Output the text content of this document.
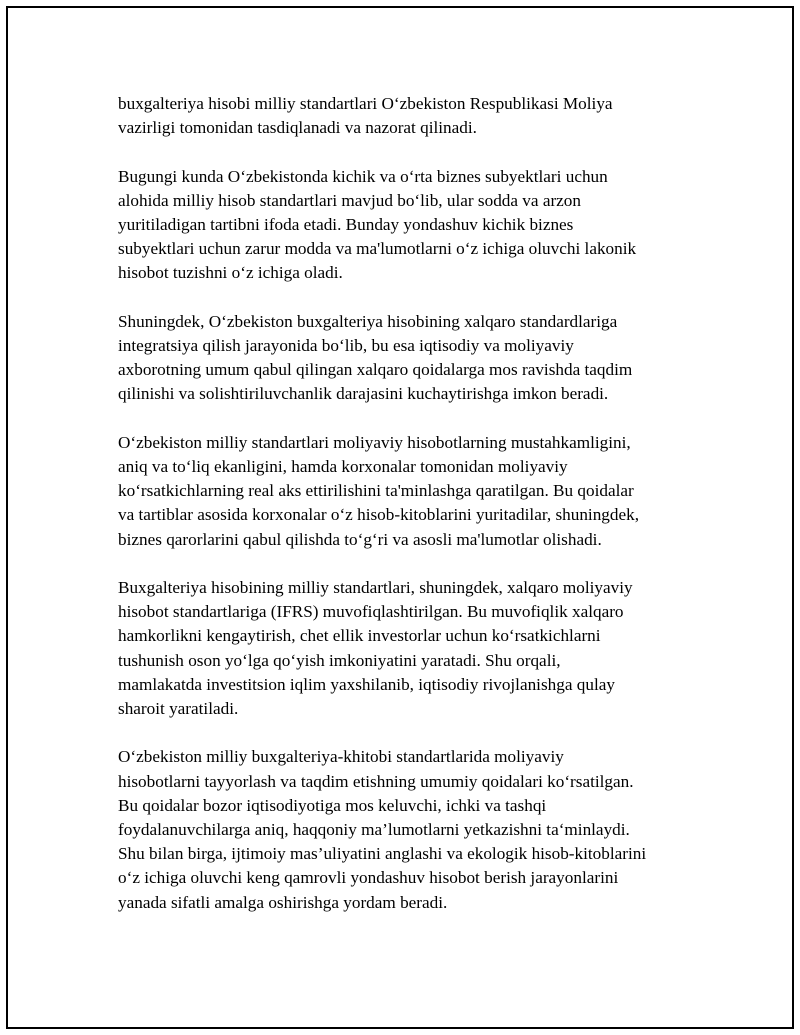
buxgalteriya hisobi milliy standartlari O‘zbekiston Respublikasi Moliya
vazirligi tomonidan tasdiqlanadi va nazorat qilinadi.

Bugungi kunda O‘zbekistonda kichik va o‘rta biznes subyektlari uchun
alohida milliy hisob standartlari mavjud bo‘lib, ular sodda va arzon
yuritiladigan tartibni ifoda etadi. Bunday yondashuv kichik biznes
subyektlari uchun zarur modda va ma'lumotlarni o‘z ichiga oluvchi lakonik
hisobot tuzishni o‘z ichiga oladi.

Shuningdek, O‘zbekiston buxgalteriya hisobining xalqaro standardlariga
integratsiya qilish jarayonida bo‘lib, bu esa iqtisodiy va moliyaviy
axborotning umum qabul qilingan xalqaro qoidalarga mos ravishda taqdim
qilinishi va solishtiriluvchanlik darajasini kuchaytirishga imkon beradi.

O‘zbekiston milliy standartlari moliyaviy hisobotlarning mustahkamligini,
aniq va to‘liq ekanligini, hamda korxonalar tomonidan moliyaviy
ko‘rsatkichlarning real aks ettirilishini ta'minlashga qaratilgan. Bu qoidalar
va tartiblar asosida korxonalar o‘z hisob-kitoblarini yuritadilar, shuningdek,
biznes qarorlarini qabul qilishda to‘g‘ri va asosli ma'lumotlar olishadi.

Buxgalteriya hisobining milliy standartlari, shuningdek, xalqaro moliyaviy
hisobot standartlariga (IFRS) muvofiqlashtirilgan. Bu muvofiqlik xalqaro
hamkorlikni kengaytirish, chet ellik investorlar uchun ko‘rsatkichlarni
tushunish oson yo‘lga qo‘yish imkoniyatini yaratadi. Shu orqali,
mamlakatda investitsion iqlim yaxshilanib, iqtisodiy rivojlanishga qulay
sharoit yaratiladi.

O‘zbekiston milliy buxgalteriya-khitobi standartlarida moliyaviy
hisobotlarni tayyorlash va taqdim etishning umumiy qoidalari ko‘rsatilgan.
Bu qoidalar bozor iqtisodiyotiga mos keluvchi, ichki va tashqi
foydalanuvchilarga aniq, haqqoniy ma’lumotlarni yetkazishni ta‘minlaydi.
Shu bilan birga, ijtimoiy mas’uliyatini anglashi va ekologik hisob-kitoblarini
o‘z ichiga oluvchi keng qamrovli yondashuv hisobot berish jarayonlarini
yanada sifatli amalga oshirishga yordam beradi.
